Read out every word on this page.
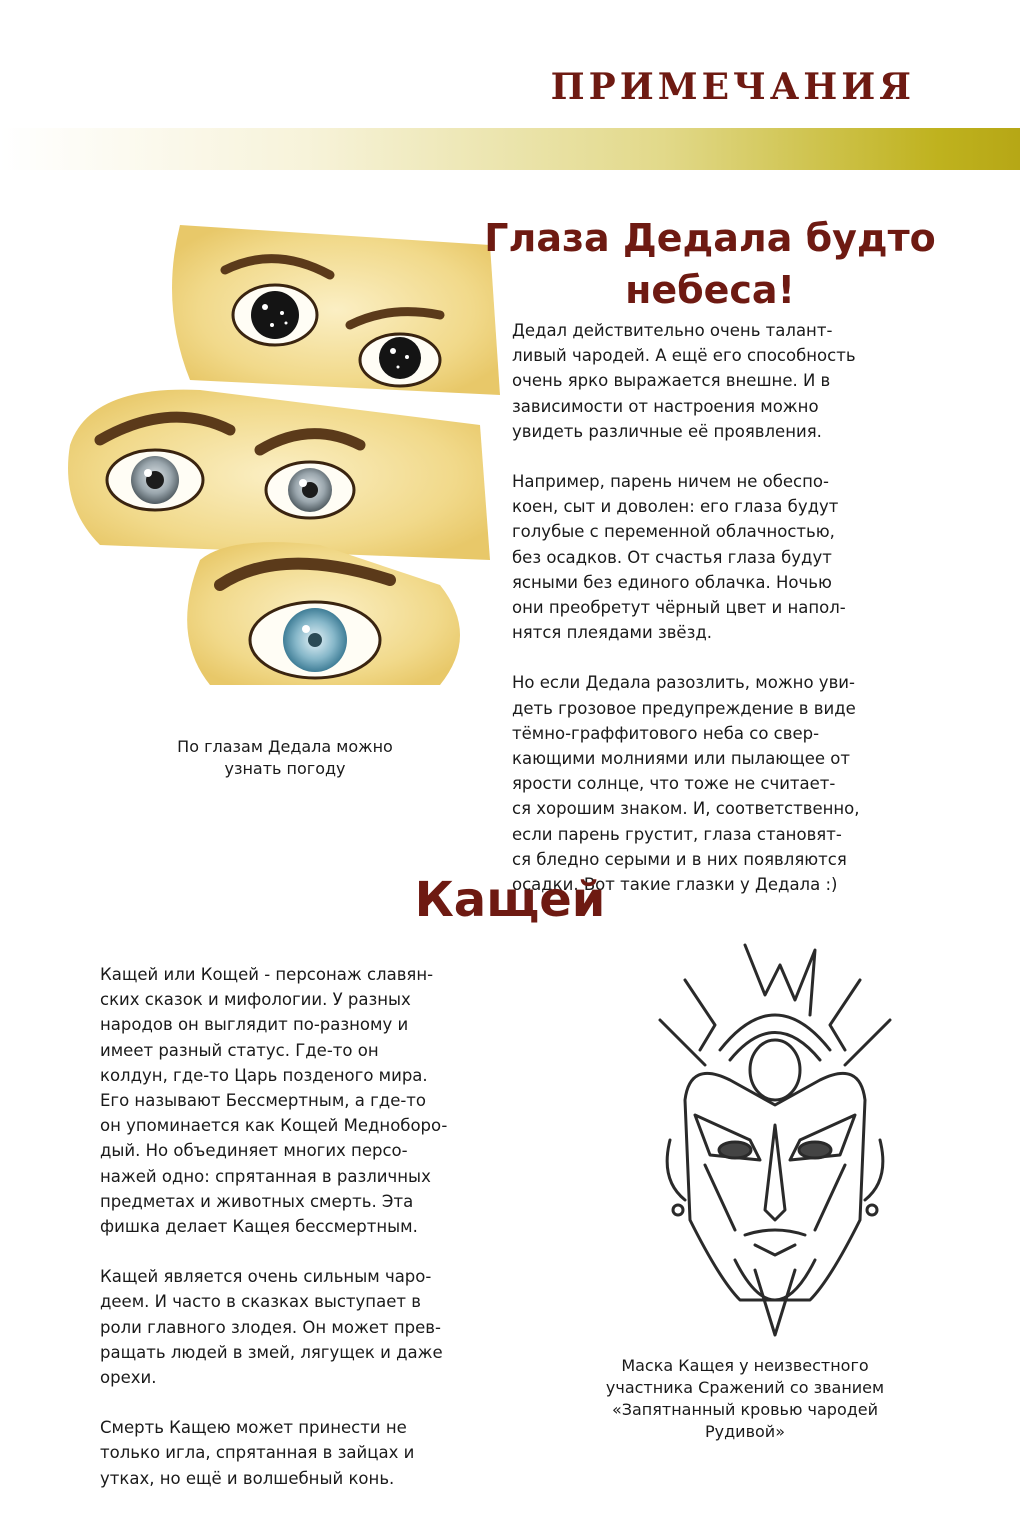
ПРИМЕЧАНИЯ
Глаза Дедала будто
небеса!

Дедал действительно очень талант-
ливый чародей. А ещё его способность
очень ярко выражается внешне. И в
зависимости от настроения можно
увидеть различные её проявления.

Например, парень ничем не обеспо-
коен, сыт и доволен: его глаза будут
голубые с переменной облачностью,
без осадков. От счастья глаза будут
ясными без единого облачка. Ночью
они преобретут чёрный цвет и напол-
нятся плеядами звёзд.

Но если Дедала разозлить, можно уви-
деть грозовое предупреждение в виде
тёмно-граффитового неба со свер-
кающими молниями или пылающее от
ярости солнце, что тоже не считает-
ся хорошим знаком. И, соответственно,
если парень грустит, глаза становят-
ся бледно серыми и в них появляются
осадки. Вот такие глазки у Дедала :)

По глазам Дедала можно
узнать погоду
Кащей

Кащей или Кощей - персонаж славян-
ских сказок и мифологии. У разных
народов он выглядит по-разному и
имеет разный статус. Где-то он
колдун, где-то Царь позденого мира.
Его называют Бессмертным, а где-то
он упоминается как Кощей Меднобоpo-
дый. Но объединяет многих персо-
нажей одно: спрятанная в различных
предметах и животных смерть. Эта
фишка делает Кащея бессмертным.

Кащей является очень сильным чаро-
деем. И часто в сказках выступает в
роли главного злодея. Он может прев-
ращать людей в змей, лягущек и даже
орехи.

Смерть Кащею может принести не
только игла, спрятанная в зайцах и
утках, но ещё и волшебный конь.

Маска Кащея у неизвестного
участника Сражений со званием
«Запятнанный кровью чародей
Рудивой»
